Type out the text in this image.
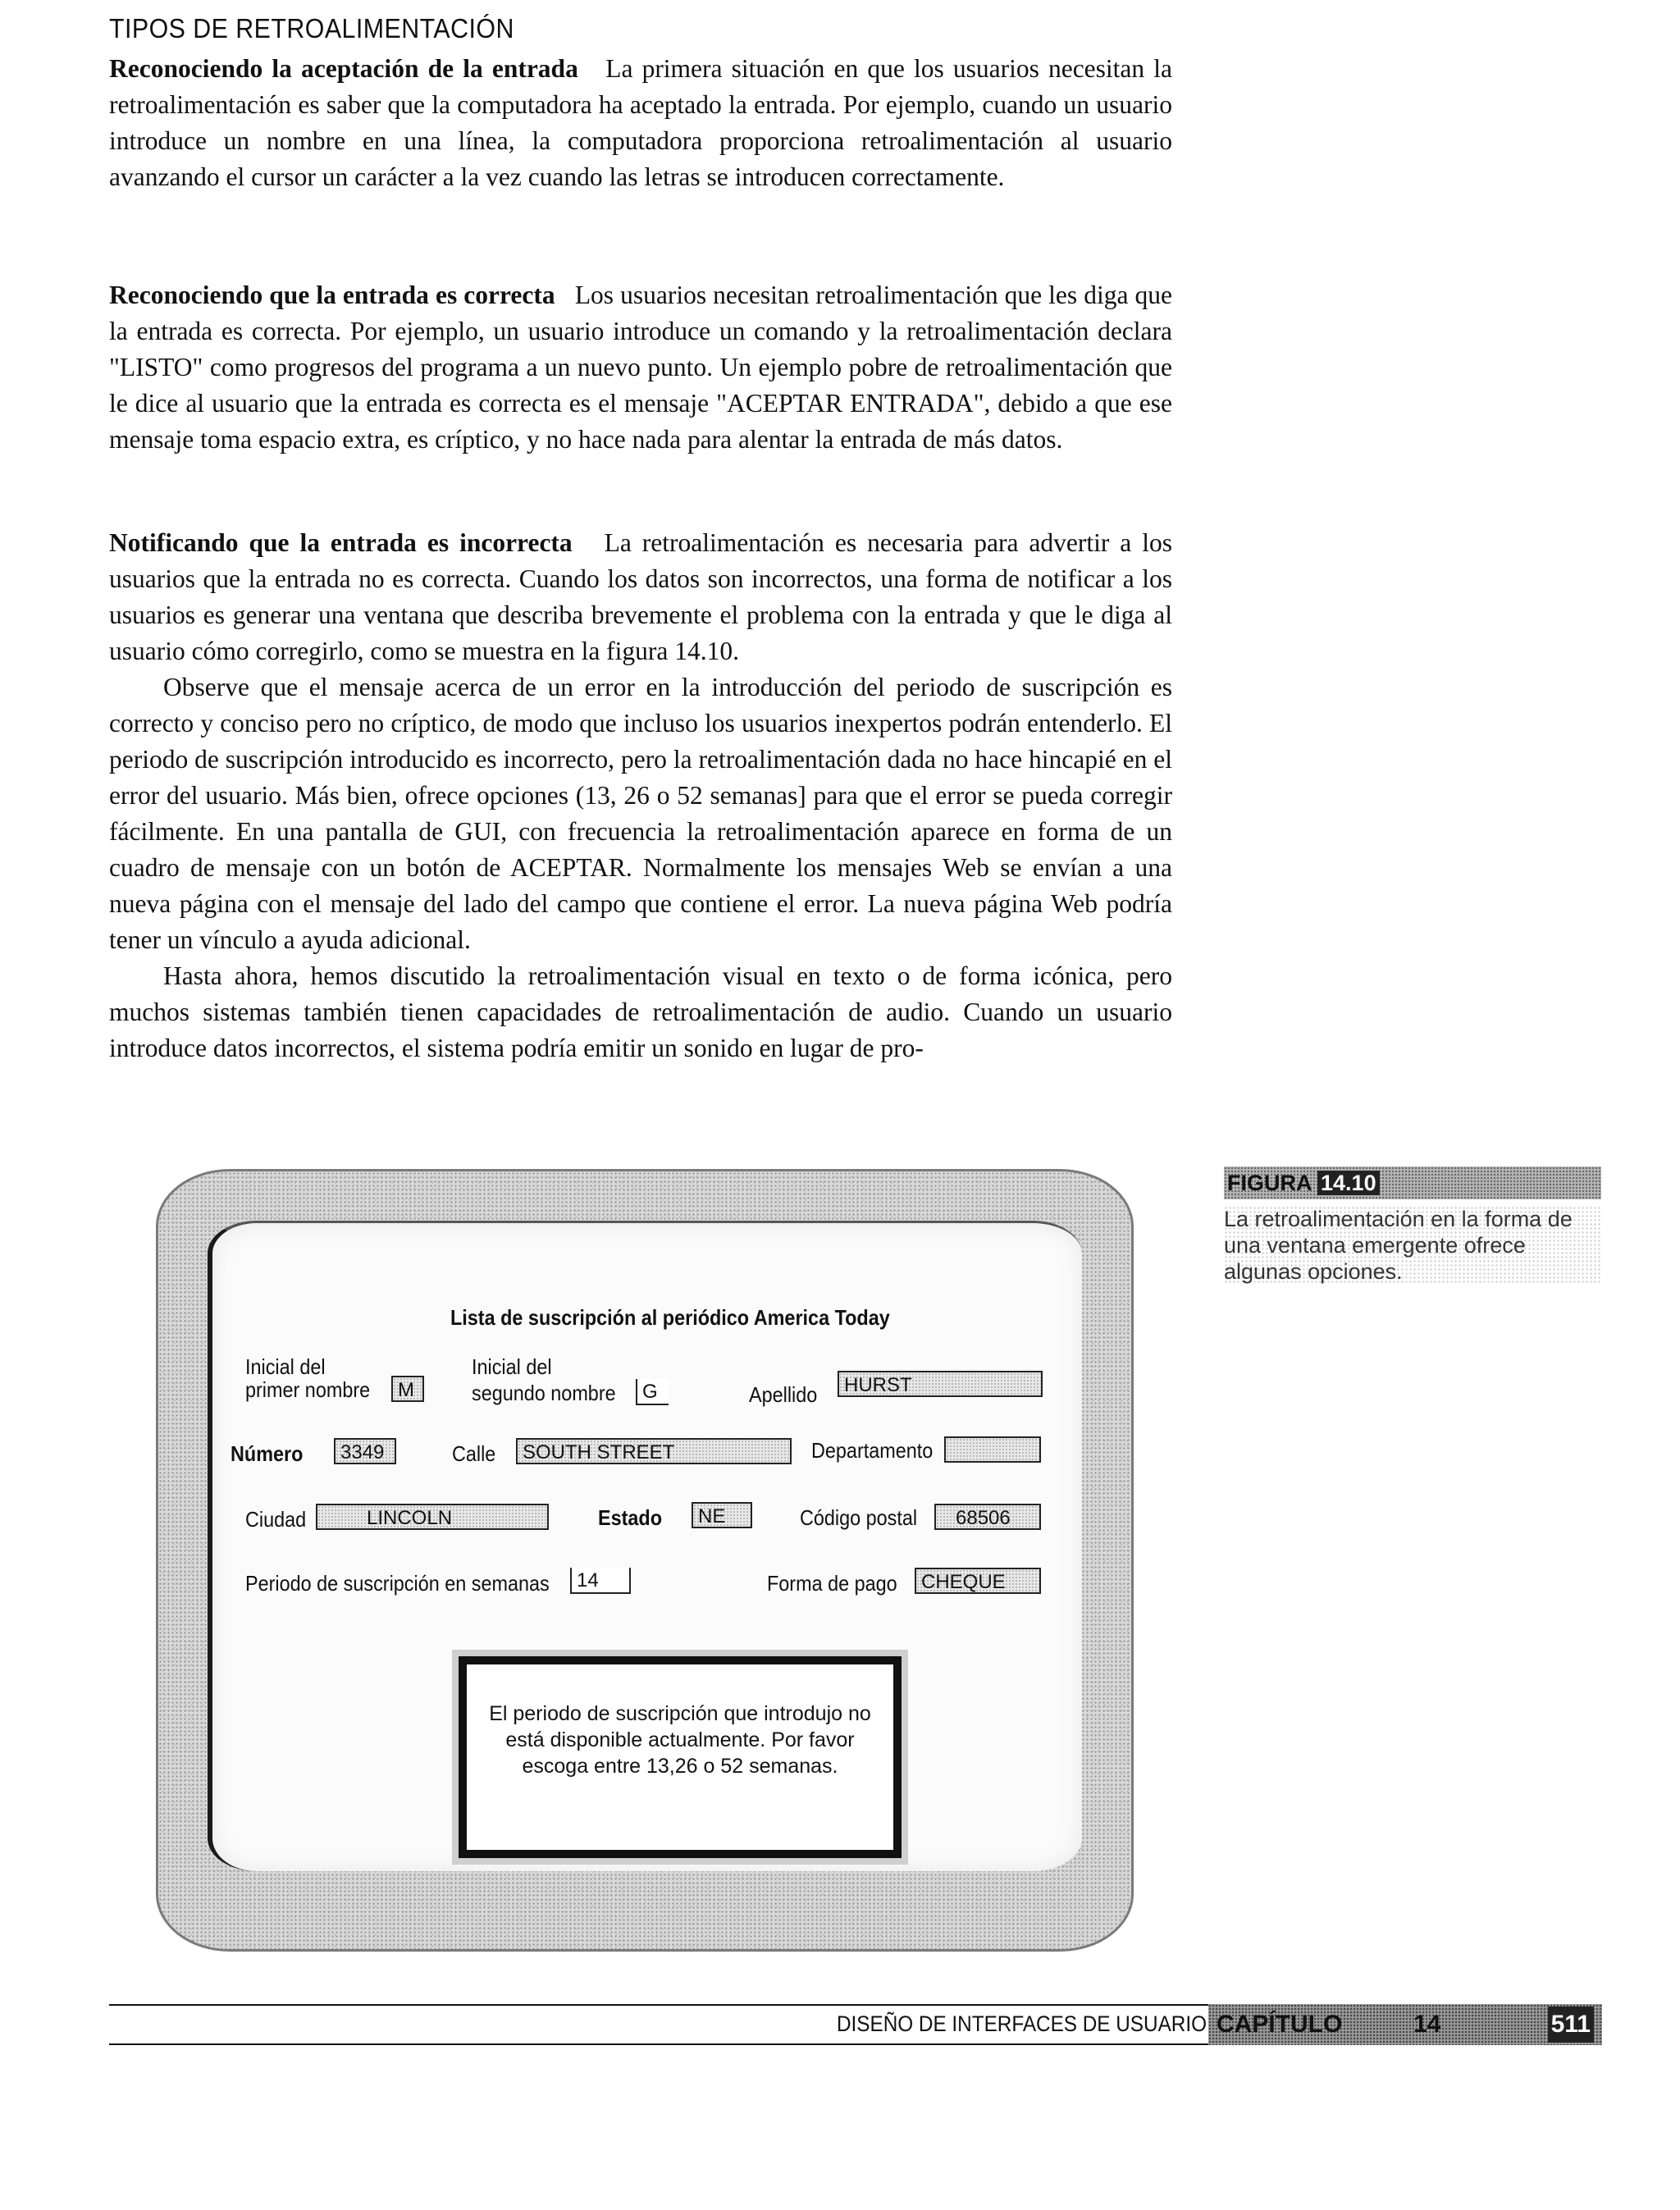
TIPOS DE RETROALIMENTACIÓN

Reconociendo la aceptación de la entrada La primera situación en que los usuarios necesitan la retroalimentación es saber que la computadora ha aceptado la entrada. Por ejemplo, cuando un usuario introduce un nombre en una línea, la computadora proporciona retroalimentación al usuario avanzando el cursor un carácter a la vez cuando las letras se introducen correctamente.

Reconociendo que la entrada es correcta Los usuarios necesitan retroalimentación que les diga que la entrada es correcta. Por ejemplo, un usuario introduce un comando y la retroalimentación declara "LISTO" como progresos del programa a un nuevo punto. Un ejemplo pobre de retroalimentación que le dice al usuario que la entrada es correcta es el mensaje "ACEPTAR ENTRADA", debido a que ese mensaje toma espacio extra, es críptico, y no hace nada para alentar la entrada de más datos.

Notificando que la entrada es incorrecta La retroalimentación es necesaria para advertir a los usuarios que la entrada no es correcta. Cuando los datos son incorrectos, una forma de notificar a los usuarios es generar una ventana que describa brevemente el problema con la entrada y que le diga al usuario cómo corregirlo, como se muestra en la figura 14.10.

Observe que el mensaje acerca de un error en la introducción del periodo de suscripción es correcto y conciso pero no críptico, de modo que incluso los usuarios inexpertos podrán entenderlo. El periodo de suscripción introducido es incorrecto, pero la retroalimentación dada no hace hincapié en el error del usuario. Más bien, ofrece opciones (13, 26 o 52 semanas] para que el error se pueda corregir fácilmente. En una pantalla de GUI, con frecuencia la retroalimentación aparece en forma de un cuadro de mensaje con un botón de ACEPTAR. Normalmente los mensajes Web se envían a una nueva página con el mensaje del lado del campo que contiene el error. La nueva página Web podría tener un vínculo a ayuda adicional.

Hasta ahora, hemos discutido la retroalimentación visual en texto o de forma icónica, pero muchos sistemas también tienen capacidades de retroalimentación de audio. Cuando un usuario introduce datos incorrectos, el sistema podría emitir un sonido en lugar de pro-

Lista de suscripción al periódico America Today
Inicial del
primer nombre	M
Inicial del
segundo nombre	G	Apellido	HURST
Número	3349	Calle	SOUTH STREET	Departamento
Ciudad	LINCOLN	Estado	NE	Código postal	68506
Periodo de suscripción en semanas	14	Forma de pago	CHEQUE
El periodo de suscripción que introdujo no está disponible actualmente. Por favor escoga entre 13,26 o 52 semanas.
FIGURA 14.10
La retroalimentación en la forma de una ventana emergente ofrece algunas opciones.
DISEÑO DE INTERFACES DE USUARIO CAPÍTULO	14	511
